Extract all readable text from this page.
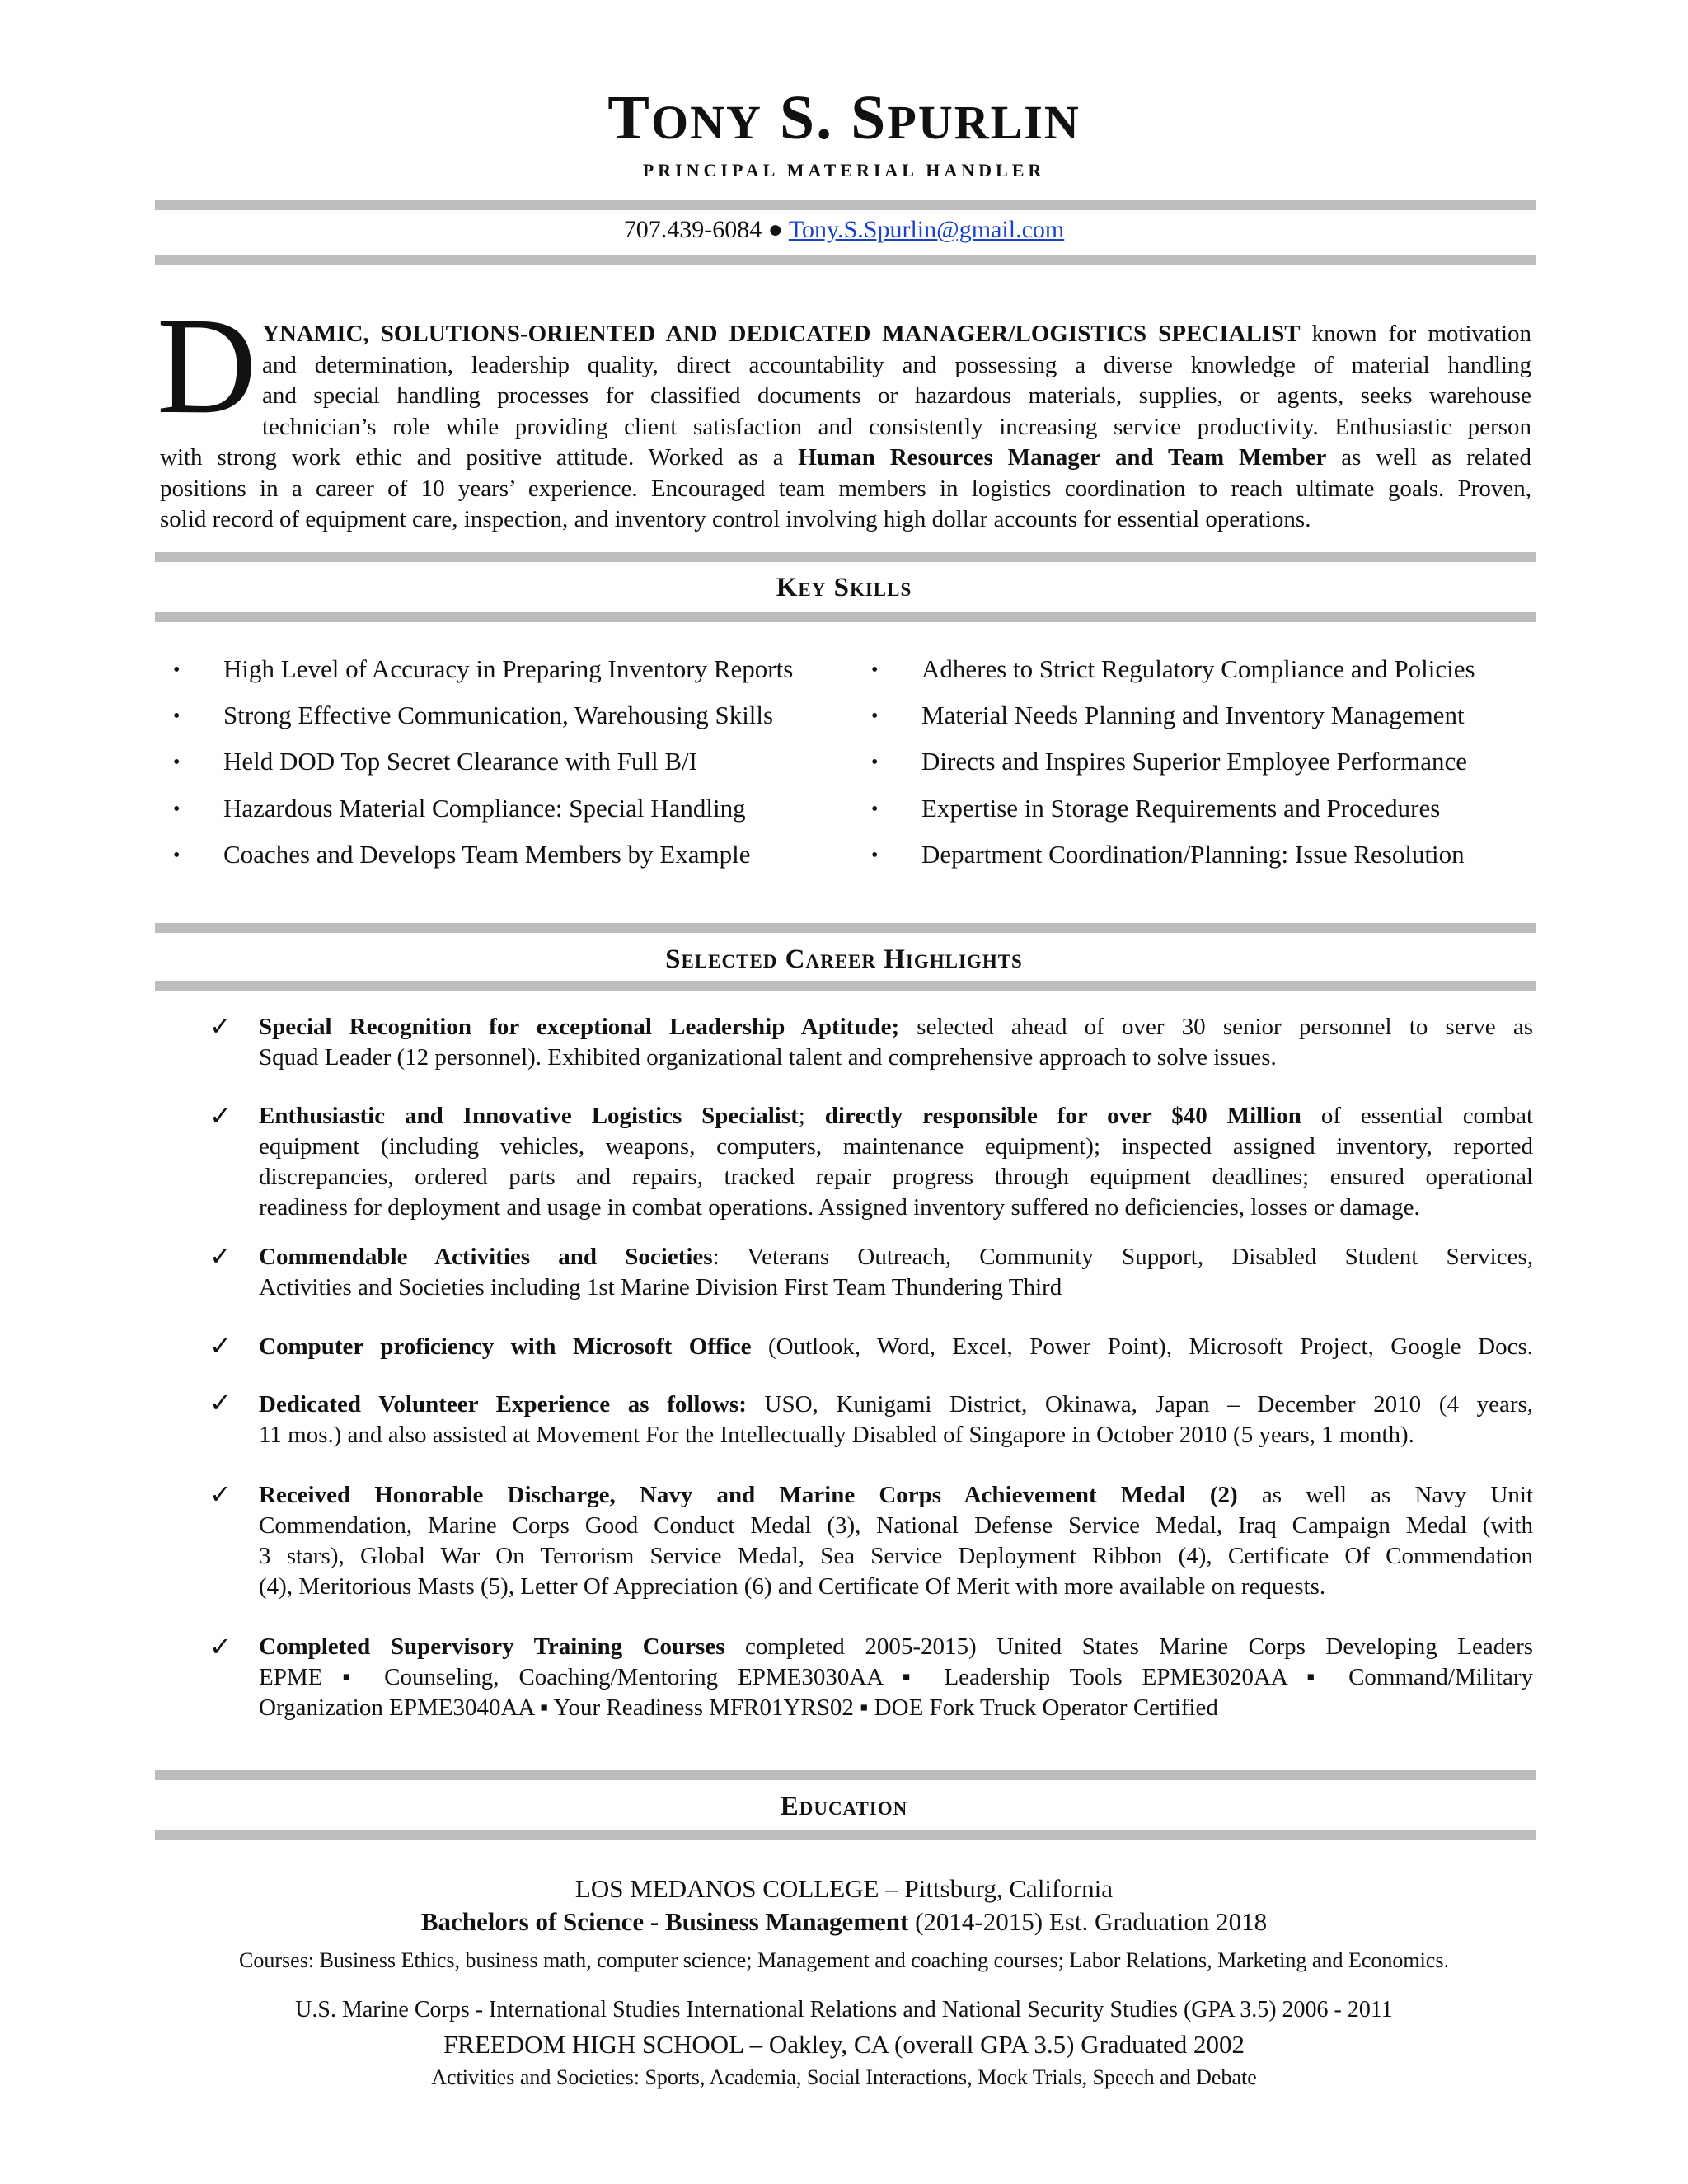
TONY S. SPURLIN
PRINCIPAL MATERIAL HANDLER
707.439-6084 ● Tony.S.Spurlin@gmail.com
D YNAMIC, SOLUTIONS-ORIENTED AND DEDICATED MANAGER/LOGISTICS SPECIALIST known for motivation
and determination, leadership quality, direct accountability and possessing a diverse knowledge of material handling
and special handling processes for classified documents or hazardous materials, supplies, or agents, seeks warehouse
technician’s role while providing client satisfaction and consistently increasing service productivity. Enthusiastic person
with strong work ethic and positive attitude. Worked as a Human Resources Manager and Team Member as well as related
positions in a career of 10 years’ experience. Encouraged team members in logistics coordination to reach ultimate goals. Proven,
solid record of equipment care, inspection, and inventory control involving high dollar accounts for essential operations.
Key Skills
• High Level of Accuracy in Preparing Inventory Reports
• Strong Effective Communication, Warehousing Skills
• Held DOD Top Secret Clearance with Full B/I
• Hazardous Material Compliance: Special Handling
• Coaches and Develops Team Members by Example
• Adheres to Strict Regulatory Compliance and Policies
• Material Needs Planning and Inventory Management
• Directs and Inspires Superior Employee Performance
• Expertise in Storage Requirements and Procedures
• Department Coordination/Planning: Issue Resolution
Selected Career Highlights
✓ Special Recognition for exceptional Leadership Aptitude; selected ahead of over 30 senior personnel to serve as
Squad Leader (12 personnel). Exhibited organizational talent and comprehensive approach to solve issues.
✓ Enthusiastic and Innovative Logistics Specialist; directly responsible for over $40 Million of essential combat
equipment (including vehicles, weapons, computers, maintenance equipment); inspected assigned inventory, reported
discrepancies, ordered parts and repairs, tracked repair progress through equipment deadlines; ensured operational
readiness for deployment and usage in combat operations. Assigned inventory suffered no deficiencies, losses or damage.
✓ Commendable Activities and Societies: Veterans Outreach, Community Support, Disabled Student Services,
Activities and Societies including 1st Marine Division First Team Thundering Third
✓ Computer proficiency with Microsoft Office (Outlook, Word, Excel, Power Point), Microsoft Project, Google Docs.
✓ Dedicated Volunteer Experience as follows: USO, Kunigami District, Okinawa, Japan – December 2010 (4 years,
11 mos.) and also assisted at Movement For the Intellectually Disabled of Singapore in October 2010 (5 years, 1 month).
✓ Received Honorable Discharge, Navy and Marine Corps Achievement Medal (2) as well as Navy Unit
Commendation, Marine Corps Good Conduct Medal (3), National Defense Service Medal, Iraq Campaign Medal (with
3 stars), Global War On Terrorism Service Medal, Sea Service Deployment Ribbon (4), Certificate Of Commendation
(4), Meritorious Masts (5), Letter Of Appreciation (6) and Certificate Of Merit with more available on requests.
✓ Completed Supervisory Training Courses completed 2005-2015) United States Marine Corps Developing Leaders
EPME ▪ Counseling, Coaching/Mentoring EPME3030AA ▪ Leadership Tools EPME3020AA ▪ Command/Military
Organization EPME3040AA ▪ Your Readiness MFR01YRS02 ▪ DOE Fork Truck Operator Certified
Education
LOS MEDANOS COLLEGE – Pittsburg, California
Bachelors of Science - Business Management (2014-2015) Est. Graduation 2018
Courses: Business Ethics, business math, computer science; Management and coaching courses; Labor Relations, Marketing and Economics.
U.S. Marine Corps - International Studies International Relations and National Security Studies (GPA 3.5) 2006 - 2011
FREEDOM HIGH SCHOOL – Oakley, CA (overall GPA 3.5) Graduated 2002
Activities and Societies: Sports, Academia, Social Interactions, Mock Trials, Speech and Debate
